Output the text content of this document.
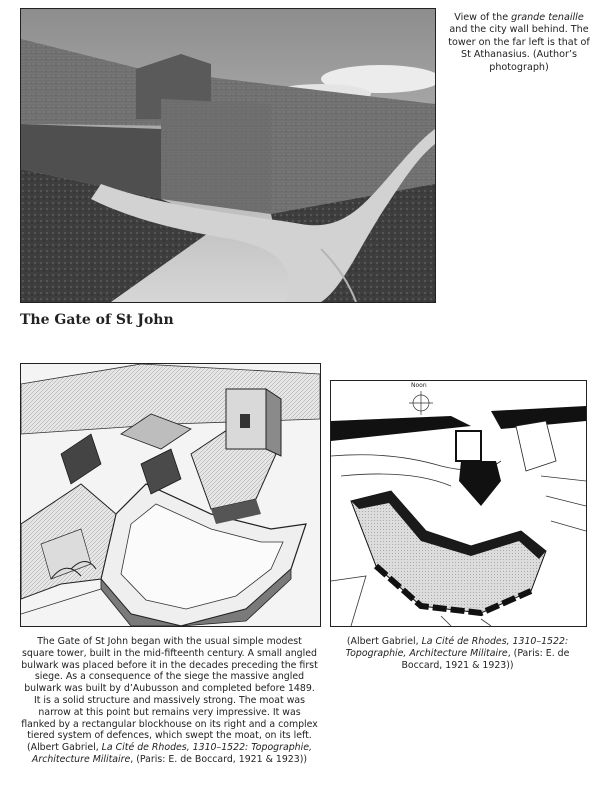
View of the grande tenaille and the city wall behind. The tower on the far left is that of St Athanasius. (Author’s photograph)
The Gate of St John
Noon
The Gate of St John began with the usual simple modest square tower, built in the mid-fifteenth century. A small angled bulwark was placed before it in the decades preceding the first siege. As a consequence of the siege the massive angled bulwark was built by d’Aubusson and completed before 1489. It is a solid structure and massively strong. The moat was narrow at this point but remains very impressive. It was flanked by a rectangular blockhouse on its right and a complex tiered system of defences, which swept the moat, on its left. (Albert Gabriel, La Cité de Rhodes, 1310–1522: Topographie, Architecture Militaire, (Paris: E. de Boccard, 1921 & 1923))
(Albert Gabriel, La Cité de Rhodes, 1310–1522: Topographie, Architecture Militaire, (Paris: E. de Boccard, 1921 & 1923))
